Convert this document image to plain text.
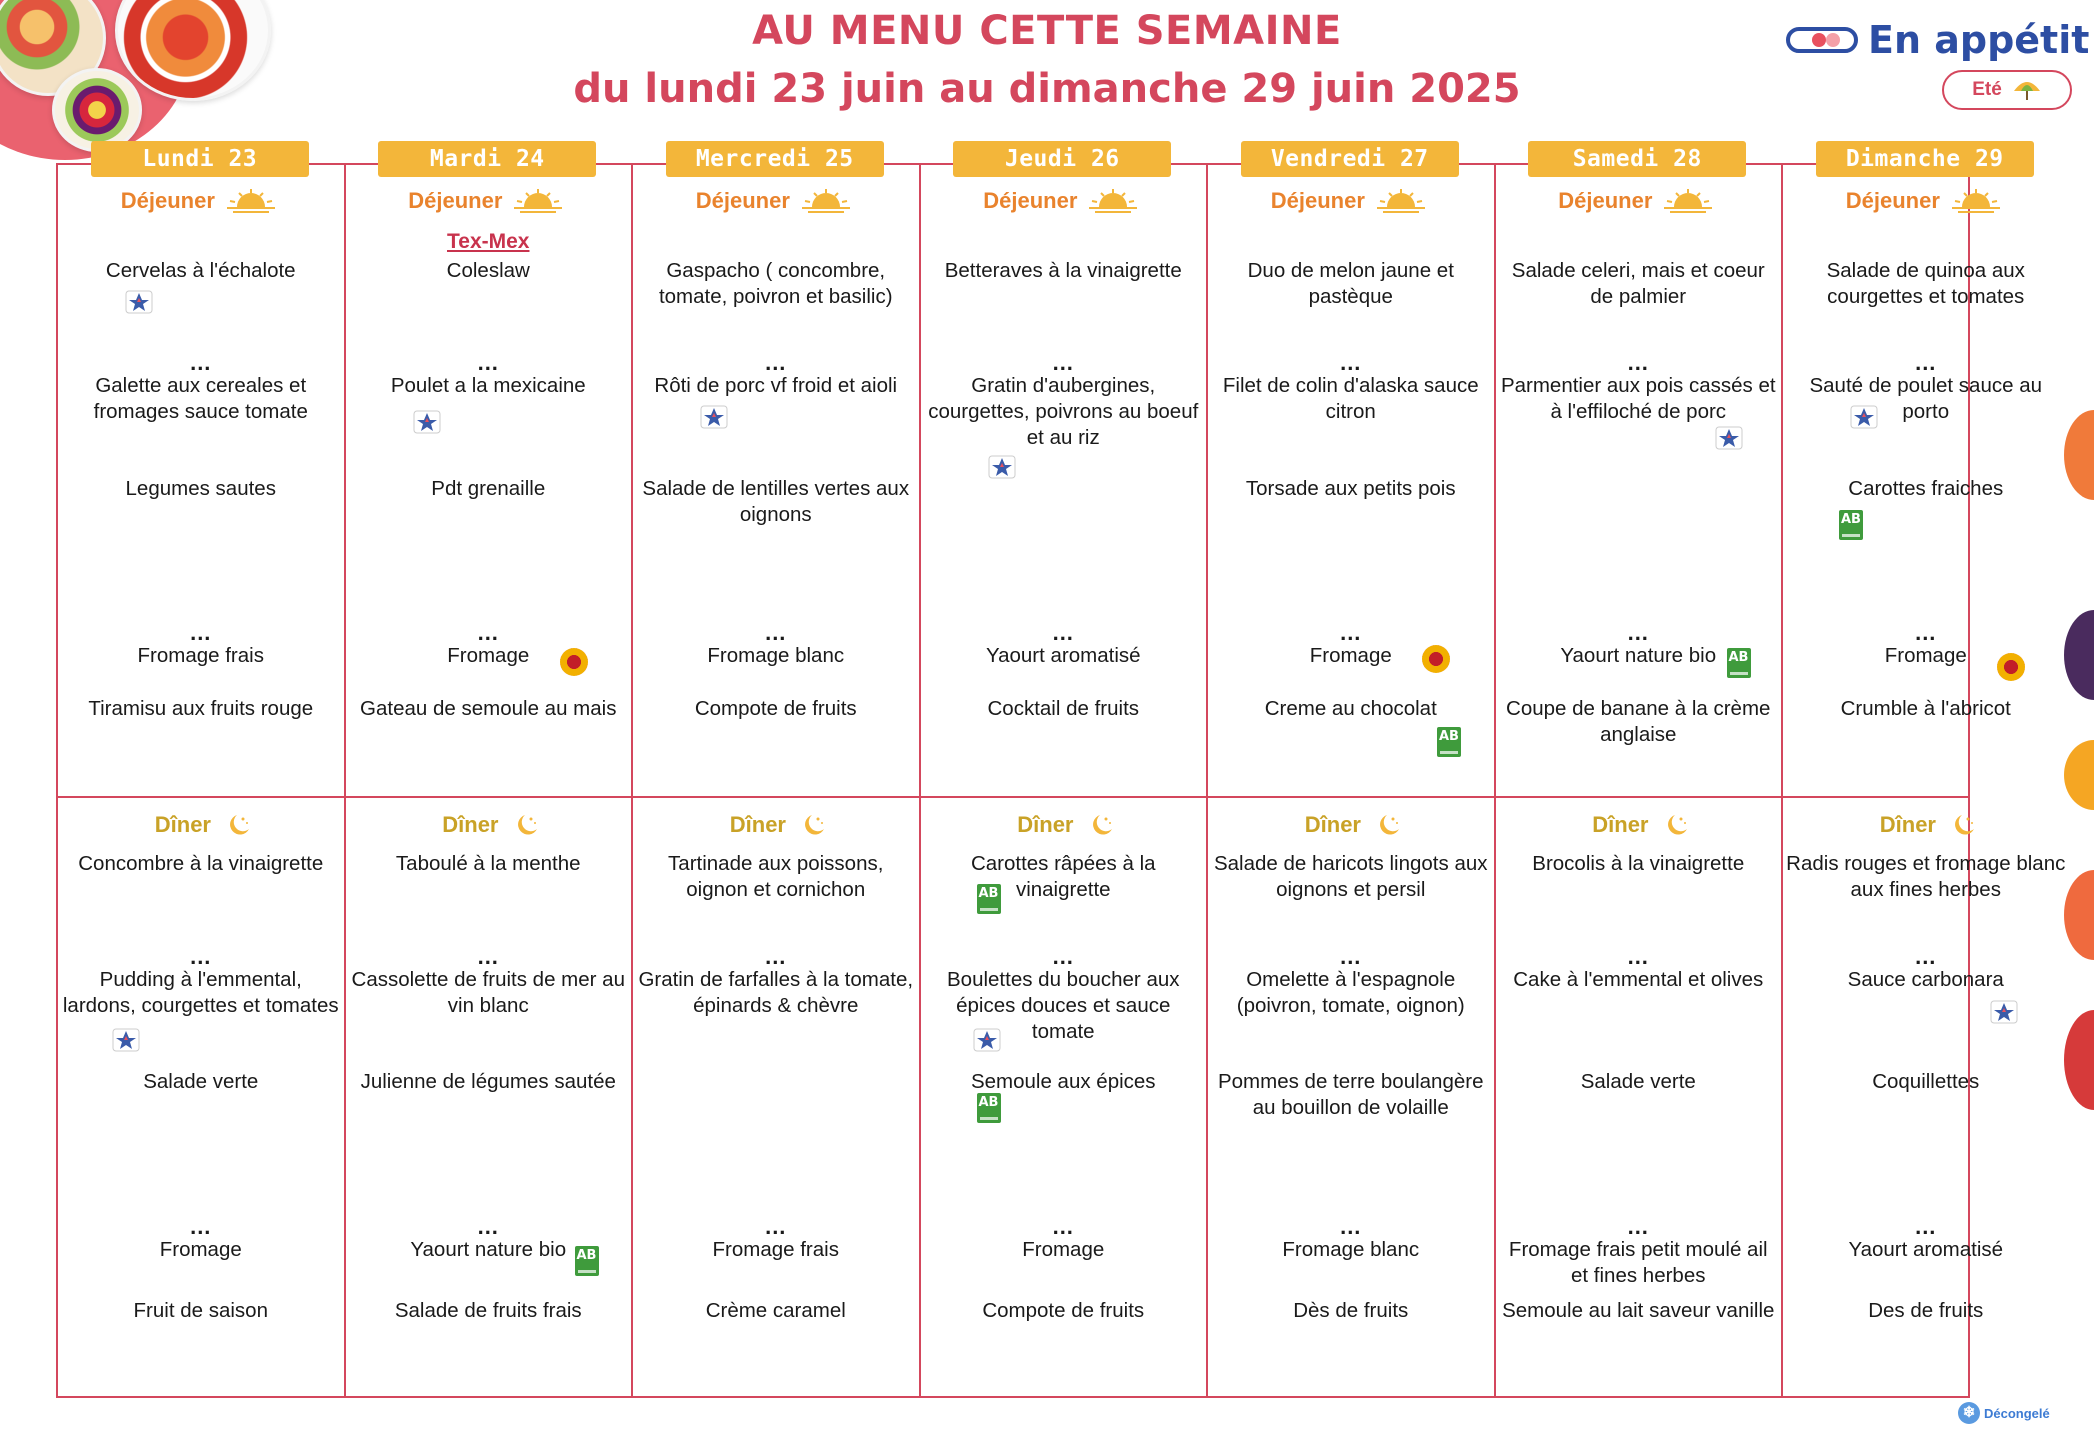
AU MENU CETTE SEMAINE
du lundi 23 juin au dimanche 29 juin 2025
En appétit
Eté
Lundi 23
Déjeuner
Dîner
Cervelas à l'échalote
...
Galette aux cereales et fromages sauce tomate
Legumes sautes
...
Fromage frais
Tiramisu aux fruits rouge
Concombre à la vinaigrette
...
Pudding à l'emmental, lardons, courgettes et tomates
Salade verte
...
Fromage
Fruit de saison
Mardi 24
Déjeuner
Dîner
Tex-Mex
Coleslaw
...
Poulet a la mexicaine
Pdt grenaille
...
Fromage
Gateau de semoule au mais
Taboulé à la menthe
...
Cassolette de fruits de mer au vin blanc
Julienne de légumes sautée
...
Yaourt nature bio
Salade de fruits frais
Mercredi 25
Déjeuner
Dîner
Gaspacho ( concombre, tomate, poivron et basilic)
...
Rôti de porc vf froid et aioli
Salade de lentilles vertes aux oignons
...
Fromage blanc
Compote de fruits
Tartinade aux poissons, oignon et cornichon
...
Gratin de farfalles à la tomate, épinards & chèvre
...
Fromage frais
Crème caramel
Jeudi 26
Déjeuner
Dîner
Betteraves à la vinaigrette
...
Gratin d'aubergines, courgettes, poivrons au boeuf et au riz
...
Yaourt aromatisé
Cocktail de fruits
Carottes râpées à la vinaigrette
...
Boulettes du boucher aux épices douces et sauce tomate
Semoule aux épices
...
Fromage
Compote de fruits
Vendredi 27
Déjeuner
Dîner
Duo de melon jaune et pastèque
...
Filet de colin d'alaska sauce citron
Torsade aux petits pois
...
Fromage
Creme au chocolat
Salade de haricots lingots aux oignons et persil
...
Omelette à l'espagnole (poivron, tomate, oignon)
Pommes de terre boulangère au bouillon de volaille
...
Fromage blanc
Dès de fruits
Samedi 28
Déjeuner
Dîner
Salade celeri, mais et coeur de palmier
...
Parmentier aux pois cassés et à l'effiloché de porc
...
Yaourt nature bio
Coupe de banane à la crème anglaise
Brocolis à la vinaigrette
...
Cake à l'emmental et olives
Salade verte
...
Fromage frais petit moulé ail et fines herbes
Semoule au lait saveur vanille
Dimanche 29
Déjeuner
Dîner
Salade de quinoa aux courgettes et tomates
...
Sauté de poulet sauce au porto
Carottes fraiches
...
Fromage
Crumble à l'abricot
Radis rouges et fromage blanc aux fines herbes
...
Sauce carbonara
Coquillettes
...
Yaourt aromatisé
Des de fruits
AB
AB
AB
AB
AB
AB
❄ Décongelé
